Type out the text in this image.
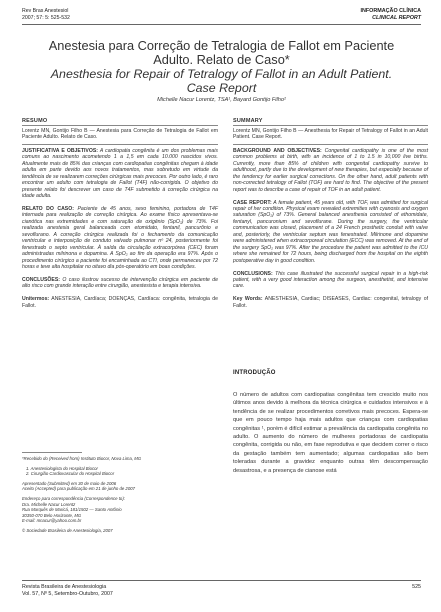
Rev Bras Anestesiol
2007; 57: 5: 525-532
INFORMAÇÃO CLÍNICA
CLINICAL REPORT
Anestesia para Correção de Tetralogia de Fallot em Paciente
Adulto. Relato de Caso*
Anesthesia for Repair of Tetralogy of Fallot in an Adult Patient.
Case Report
Michelle Nacur Lorentz, TSA¹, Bayard Gontijo Filho²
RESUMO

Lorentz MN, Gontijo Filho B — Anestesia para Correção de Tetralogia de Fallot em Paciente Adulto. Relato de Caso.

JUSTIFICATIVA E OBJETIVOS: A cardiopatia congênita é um dos problemas mais comuns ao nascimento acometendo 1 a 1,5 em cada 10.000 nascidos vivos. Atualmente mais de 85% das crianças com cardiopatias congênitas chegam à idade adulta em parte devido aos novos tratamentos, mas sobretudo em virtude da tendência de se realizarem correções cirúrgicas mais precoces. Por outro lado, é raro encontrar um adulto com tetralogia de Fallot (T4F) não-corrigida. O objetivo do presente relato foi descrever um caso de T4F submetido à correção cirúrgica na idade adulta.

RELATO DO CASO: Paciente de 45 anos, sexo feminino, portadora de T4F internada para realização de correção cirúrgica. Ao exame físico apresentava-se cianótica nas extremidades e com saturação de oxigênio (SpO₂) de 73%. Foi realizada anestesia geral balanceada com etomidato, fentanil, pancurônio e sevoflurano. A correção cirúrgica realizada foi o fechamento da comunicação ventricular e interposição de conduto valvado pulmonar nº 24, posteriormente foi fenestrado o septo ventricular. À saída da circulação extracorpórea (CEC) foram administradas milrinona e dopamina. A SpO₂ ao fim da operação era 97%. Após o procedimento cirúrgico a paciente foi encaminhada ao CTI, onde permaneceu por 72 horas e teve alta hospitalar no oitavo dia pós-operatório em boas condições.

CONCLUSÕES: O caso ilustrou sucesso de intervenção cirúrgica em paciente de alto risco com grande interação entre cirurgião, anestesista e terapia intensiva.

Unitermos: ANESTESIA, Cardíaca; DOENÇAS, Cardíaca: congênita, tetralogia de Fallot.

SUMMARY

Lorentz MN, Gontijo Filho B — Anesthesia for Repair of Tetralogy of Fallot in an Adult Patient. Case Report.

BACKGROUND AND OBJECTIVES: Congenital cardiopathy is one of the most common problems at birth, with an incidence of 1 to 1.5 in 10,000 live births. Currently, more than 85% of children with congenital cardiopathy survive to adulthood, partly due to the development of new therapies, but especially because of the tendency for earlier surgical corrections. On the other hand, adult patients with non-corrected tetralogy of Fallot (TOF) are hard to find. The objective of the present report was to describe a case of repair of TOF in an adult patient.

CASE REPORT: A female patient, 45 years old, with TOF, was admitted for surgical repair of her condition. Physical exam revealed extremities with cyanosis and oxygen saturation (SpO₂) of 73%. General balanced anesthesia consisted of ethomidate, fentanyl, pancuronium and sevoflurane. During the surgery, the ventricular communication was closed, placement of a 24 French prosthetic conduit with valve and, posteriorly, the ventricular septum was fenestrated. Milrinone and dopamine were administered when extracorporeal circulation (ECC) was removed. At the end of the surgery SpO₂ was 97%. After the procedure the patient was admitted to the ICU where she remained for 72 hours, being discharged from the hospital on the eighth postoperative day in good condition.

CONCLUSIONS: This case illustrated the successful surgical repair in a high-risk patient, with a very good interaction among the surgeon, anesthetist, and intensive care.

Key Words: ANESTHESIA, Cardiac; DISEASES, Cardiac: congenital, tetralogy of Fallot.

*Recebido do (Received from) Instituto Biocor, Nova Lima, MG
1. Anestesiologista do Hospital Biocor
2. Cirurgião Cardiovascular do Hospital Biocor
Apresentado (Submitted) em 30 de maio de 2006
Aceito (Accepted) para publicação em 21 de junho de 2007
Endereço para correspondência (Correspondence to):
Dra. Michelle Nacur Lorentz
Rua Marquês de Maricá, 181/1502 — Santo Antônio
30350-070 Belo Horizonte, MG
E-mail: mnacur@yahoo.com.br
© Sociedade Brasileira de Anestesiologia, 2007
INTRODUÇÃO
O número de adultos com cardiopatias congênitas tem crescido muito nos últimos anos devido à melhora da técnica cirúrgica e cuidados intensivos e à tendência de se realizar procedimentos corretivos mais precoces. Espera-se que em pouco tempo haja mais adultos que crianças com cardiopatias congênitas ¹, porém é difícil estimar a prevalência da cardiopatia congênita no adulto. O aumento do número de mulheres portadoras de cardiopatia congênita, corrigida ou não, em fase reprodutiva e que decidem correr o risco da gestação também tem aumentado; algumas cardiopatias são bem toleradas durante a gravidez enquanto outras têm descompensação desastrosa, e a presença de cianose está
Revista Brasileira de Anestesiologia
Vol. 57, Nº 5, Setembro-Outubro, 2007
525
